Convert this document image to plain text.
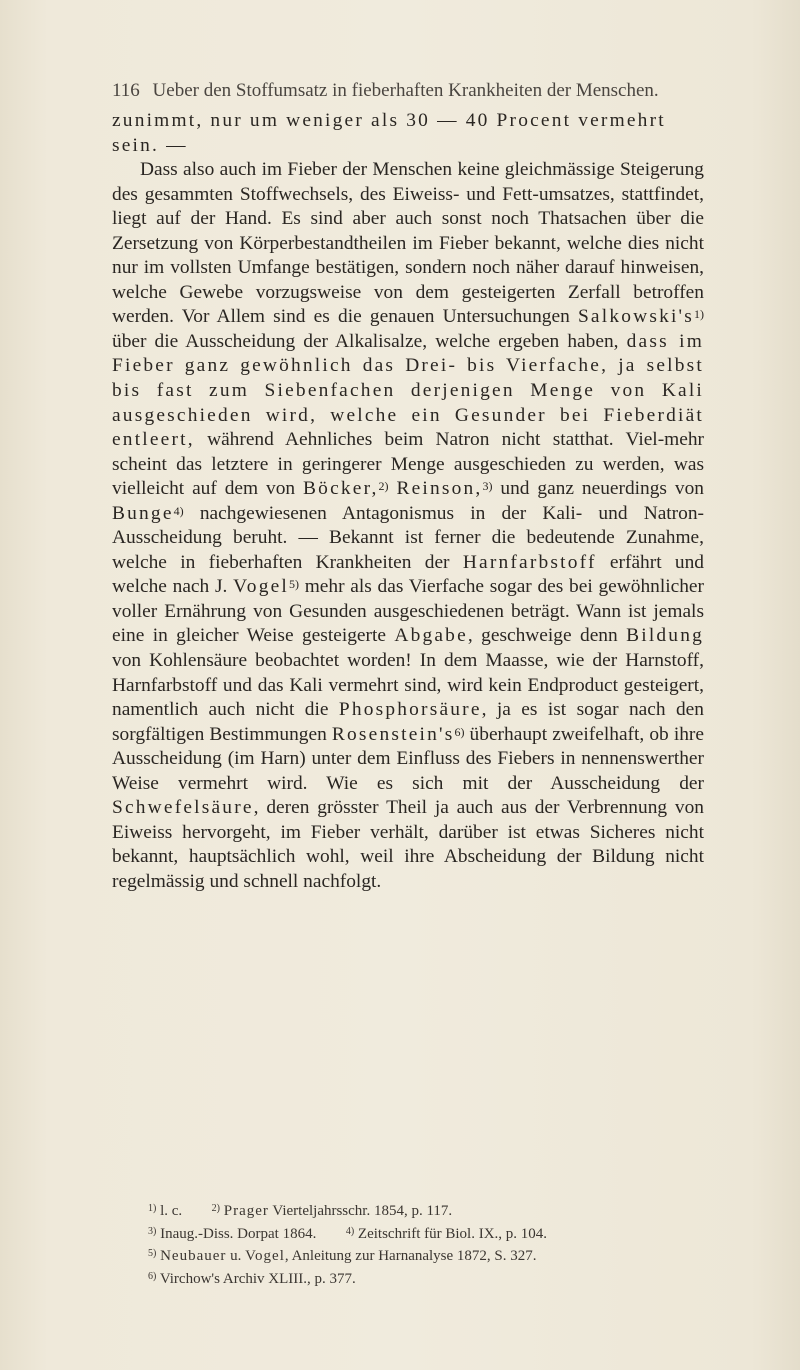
116 Ueber den Stoffumsatz in fieberhaften Krankheiten der Menschen.

zunimmt, nur um weniger als 30 — 40 Procent vermehrt
sein. —

Dass also auch im Fieber der Menschen keine gleichmässige Steigerung des gesammten Stoffwechsels, des Eiweiss- und Fett-umsatzes, stattfindet, liegt auf der Hand. Es sind aber auch sonst noch Thatsachen über die Zersetzung von Körperbestandtheilen im Fieber bekannt, welche dies nicht nur im vollsten Umfange bestätigen, sondern noch näher darauf hinweisen, welche Gewebe vorzugsweise von dem gesteigerten Zerfall betroffen werden. Vor Allem sind es die genauen Untersuchungen Salkowski's$^{1)}$ über die Ausscheidung der Alkalisalze, welche ergeben haben, dass im Fieber ganz gewöhnlich das Drei- bis Vierfache, ja selbst bis fast zum Siebenfachen derjenigen Menge von Kali ausgeschieden wird, welche ein Gesunder bei Fieberdiät entleert, während Aehnliches beim Natron nicht statthat. Viel-mehr scheint das letztere in geringerer Menge ausgeschieden zu werden, was vielleicht auf dem von Böcker,$^{2)}$ Reinson,$^{3)}$ und ganz neuerdings von Bunge$^{4)}$ nachgewiesenen Antagonismus in der Kali- und Natron-Ausscheidung beruht. — Bekannt ist ferner die bedeutende Zunahme, welche in fieberhaften Krankheiten der Harnfarbstoff erfährt und welche nach J. Vogel$^{5)}$ mehr als das Vierfache sogar des bei gewöhnlicher voller Ernährung von Gesunden ausgeschiedenen beträgt. Wann ist jemals eine in gleicher Weise gesteigerte Abgabe, geschweige denn Bildung von Kohlensäure beobachtet worden! In dem Maasse, wie der Harnstoff, Harnfarbstoff und das Kali vermehrt sind, wird kein Endproduct gesteigert, namentlich auch nicht die Phosphorsäure, ja es ist sogar nach den sorgfältigen Bestimmungen Rosenstein's$^{6)}$ überhaupt zweifelhaft, ob ihre Ausscheidung (im Harn) unter dem Einfluss des Fiebers in nennenswerther Weise vermehrt wird. Wie es sich mit der Ausscheidung der Schwefelsäure, deren grösster Theil ja auch aus der Verbrennung von Eiweiss hervorgeht, im Fieber verhält, darüber ist etwas Sicheres nicht bekannt, hauptsächlich wohl, weil ihre Abscheidung der Bildung nicht regelmässig und schnell nachfolgt.

$^{1)}$ l. c.	$^{2)}$ Prager Vierteljahrsschr. 1854, p. 117.
$^{3)}$ Inaug.-Diss. Dorpat 1864.	$^{4)}$ Zeitschrift für Biol. IX., p. 104.
$^{5)}$ Neubauer u. Vogel, Anleitung zur Harnanalyse 1872, S. 327.
$^{6)}$ Virchow's Archiv XLIII., p. 377.
